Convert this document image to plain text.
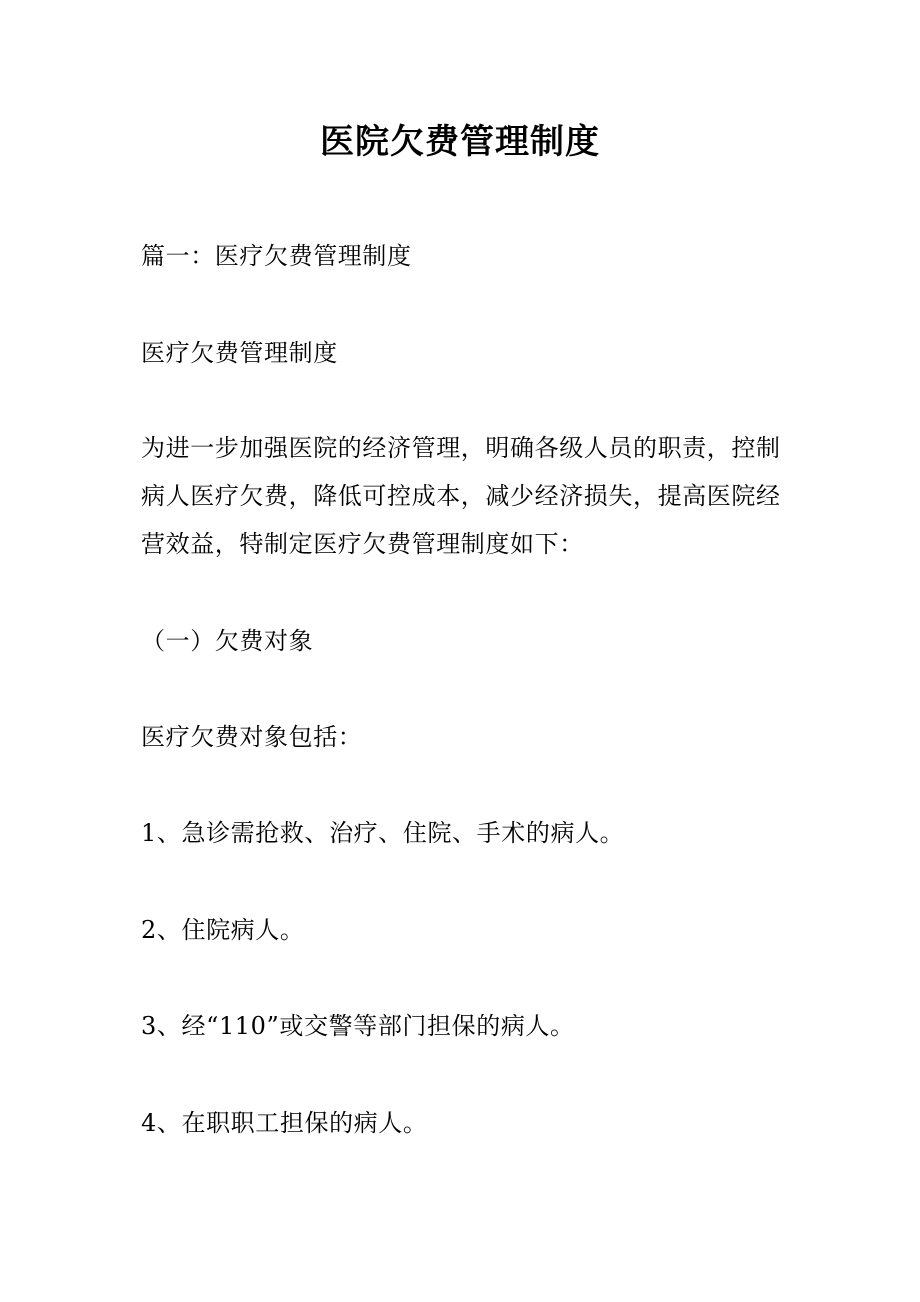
医院欠费管理制度
篇一：医疗欠费管理制度
医疗欠费管理制度
为进一步加强医院的经济管理，明确各级人员的职责，控制
病人医疗欠费，降低可控成本，减少经济损失，提高医院经
营效益，特制定医疗欠费管理制度如下：
（一）欠费对象
医疗欠费对象包括：
1、急诊需抢救、治疗、住院、手术的病人。
2、住院病人。
3、经“110”或交警等部门担保的病人。
4、在职职工担保的病人。
